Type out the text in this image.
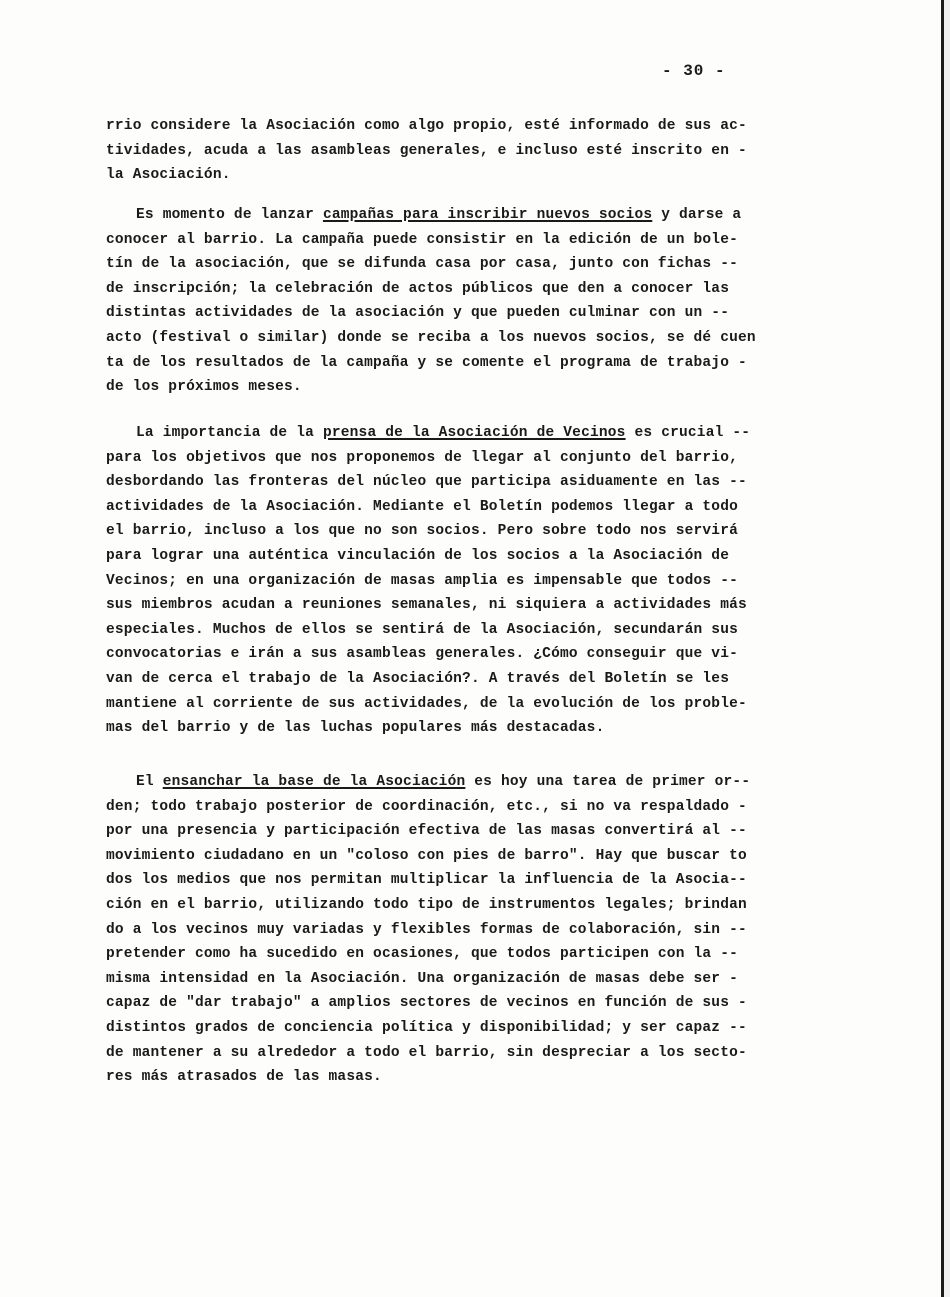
- 30 -
rrio considere la Asociación como algo propio, esté informado de sus ac-
tividades, acuda a las asambleas generales, e incluso esté inscrito en -
la Asociación.
Es momento de lanzar campañas para inscribir nuevos socios y darse a
conocer al barrio. La campaña puede consistir en la edición de un bole-
tín de la asociación, que se difunda casa por casa, junto con fichas --
de inscripción; la celebración de actos públicos que den a conocer las
distintas actividades de la asociación y que pueden culminar con un --
acto (festival o similar) donde se reciba a los nuevos socios, se dé cuen
ta de los resultados de la campaña y se comente el programa de trabajo -
de los próximos meses.
La importancia de la prensa de la Asociación de Vecinos es crucial --
para los objetivos que nos proponemos de llegar al conjunto del barrio,
desbordando las fronteras del núcleo que participa asiduamente en las --
actividades de la Asociación. Mediante el Boletín podemos llegar a todo
el barrio, incluso a los que no son socios. Pero sobre todo nos servirá
para lograr una auténtica vinculación de los socios a la Asociación de
Vecinos; en una organización de masas amplia es impensable que todos --
sus miembros acudan a reuniones semanales, ni siquiera a actividades más
especiales. Muchos de ellos se sentirá de la Asociación, secundarán sus
convocatorias e irán a sus asambleas generales. ¿Cómo conseguir que vi-
van de cerca el trabajo de la Asociación?. A través del Boletín se les
mantiene al corriente de sus actividades, de la evolución de los proble-
mas del barrio y de las luchas populares más destacadas.
El ensanchar la base de la Asociación es hoy una tarea de primer or--
den; todo trabajo posterior de coordinación, etc., si no va respaldado -
por una presencia y participación efectiva de las masas convertirá al --
movimiento ciudadano en un "coloso con pies de barro". Hay que buscar to
dos los medios que nos permitan multiplicar la influencia de la Asocia--
ción en el barrio, utilizando todo tipo de instrumentos legales; brindan
do a los vecinos muy variadas y flexibles formas de colaboración, sin --
pretender como ha sucedido en ocasiones, que todos participen con la --
misma intensidad en la Asociación. Una organización de masas debe ser -
capaz de "dar trabajo" a amplios sectores de vecinos en función de sus -
distintos grados de conciencia política y disponibilidad; y ser capaz --
de mantener a su alrededor a todo el barrio, sin despreciar a los secto-
res más atrasados de las masas.
